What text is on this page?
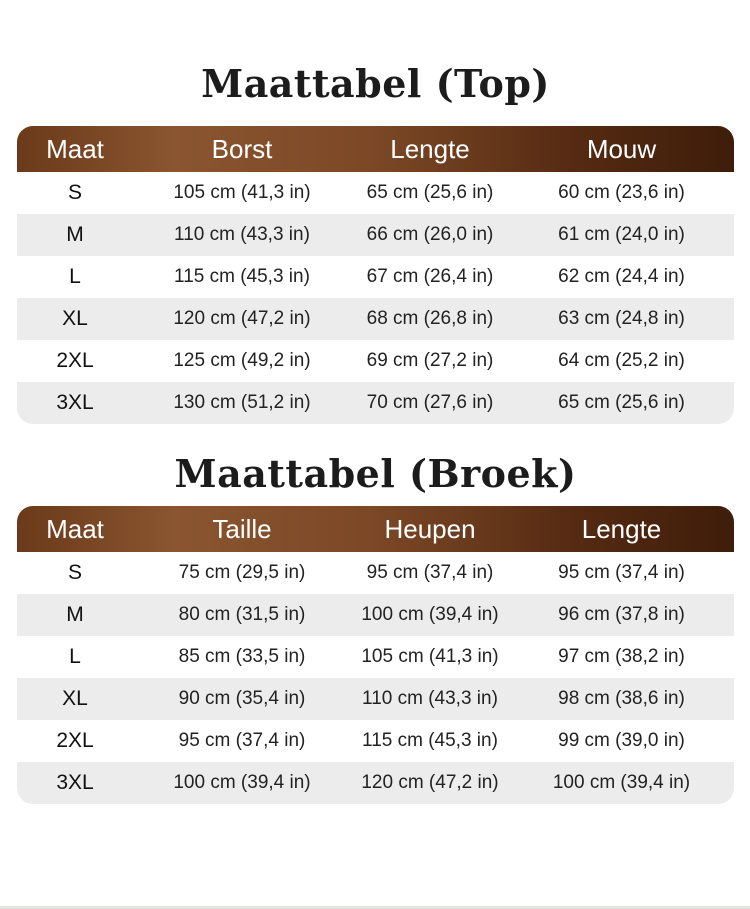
Maattabel (Top)
Maat	Borst	Lengte	Mouw
S	105 cm (41,3 in)	65 cm (25,6 in)	60 cm (23,6 in)
M	110 cm (43,3 in)	66 cm (26,0 in)	61 cm (24,0 in)
L	115 cm (45,3 in)	67 cm (26,4 in)	62 cm (24,4 in)
XL	120 cm (47,2 in)	68 cm (26,8 in)	63 cm (24,8 in)
2XL	125 cm (49,2 in)	69 cm (27,2 in)	64 cm (25,2 in)
3XL	130 cm (51,2 in)	70 cm (27,6 in)	65 cm (25,6 in)
Maattabel (Broek)
Maat	Taille	Heupen	Lengte
S	75 cm (29,5 in)	95 cm (37,4 in)	95 cm (37,4 in)
M	80 cm (31,5 in)	100 cm (39,4 in)	96 cm (37,8 in)
L	85 cm (33,5 in)	105 cm (41,3 in)	97 cm (38,2 in)
XL	90 cm (35,4 in)	110 cm (43,3 in)	98 cm (38,6 in)
2XL	95 cm (37,4 in)	115 cm (45,3 in)	99 cm (39,0 in)
3XL	100 cm (39,4 in)	120 cm (47,2 in)	100 cm (39,4 in)
